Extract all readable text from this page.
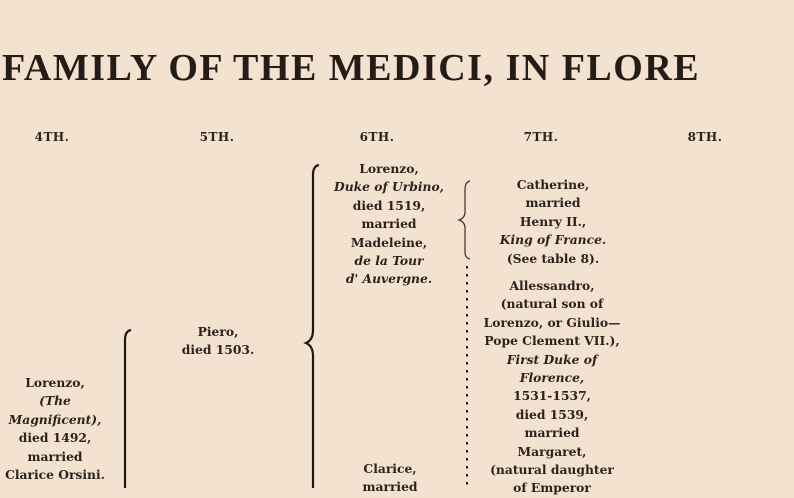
FAMILY OF THE MEDICI, IN FLORE
4TH.	5TH.	6TH.	7TH.	8TH.
Lorenzo,
(The
Magnificent),
died 1492,
married
Clarice Orsini.
Piero,
died 1503.
Lorenzo,
Duke of Urbino,
died 1519,
married
Madeleine,
de la Tour
d' Auvergne.
Clarice,
married
Catherine,
married
Henry II.,
King of France.
(See table 8).
Allessandro,
(natural son of
Lorenzo, or Giulio—
Pope Clement VII.),
First Duke of
Florence,
1531-1537,
died 1539,
married
Margaret,
(natural daughter
of Emperor
